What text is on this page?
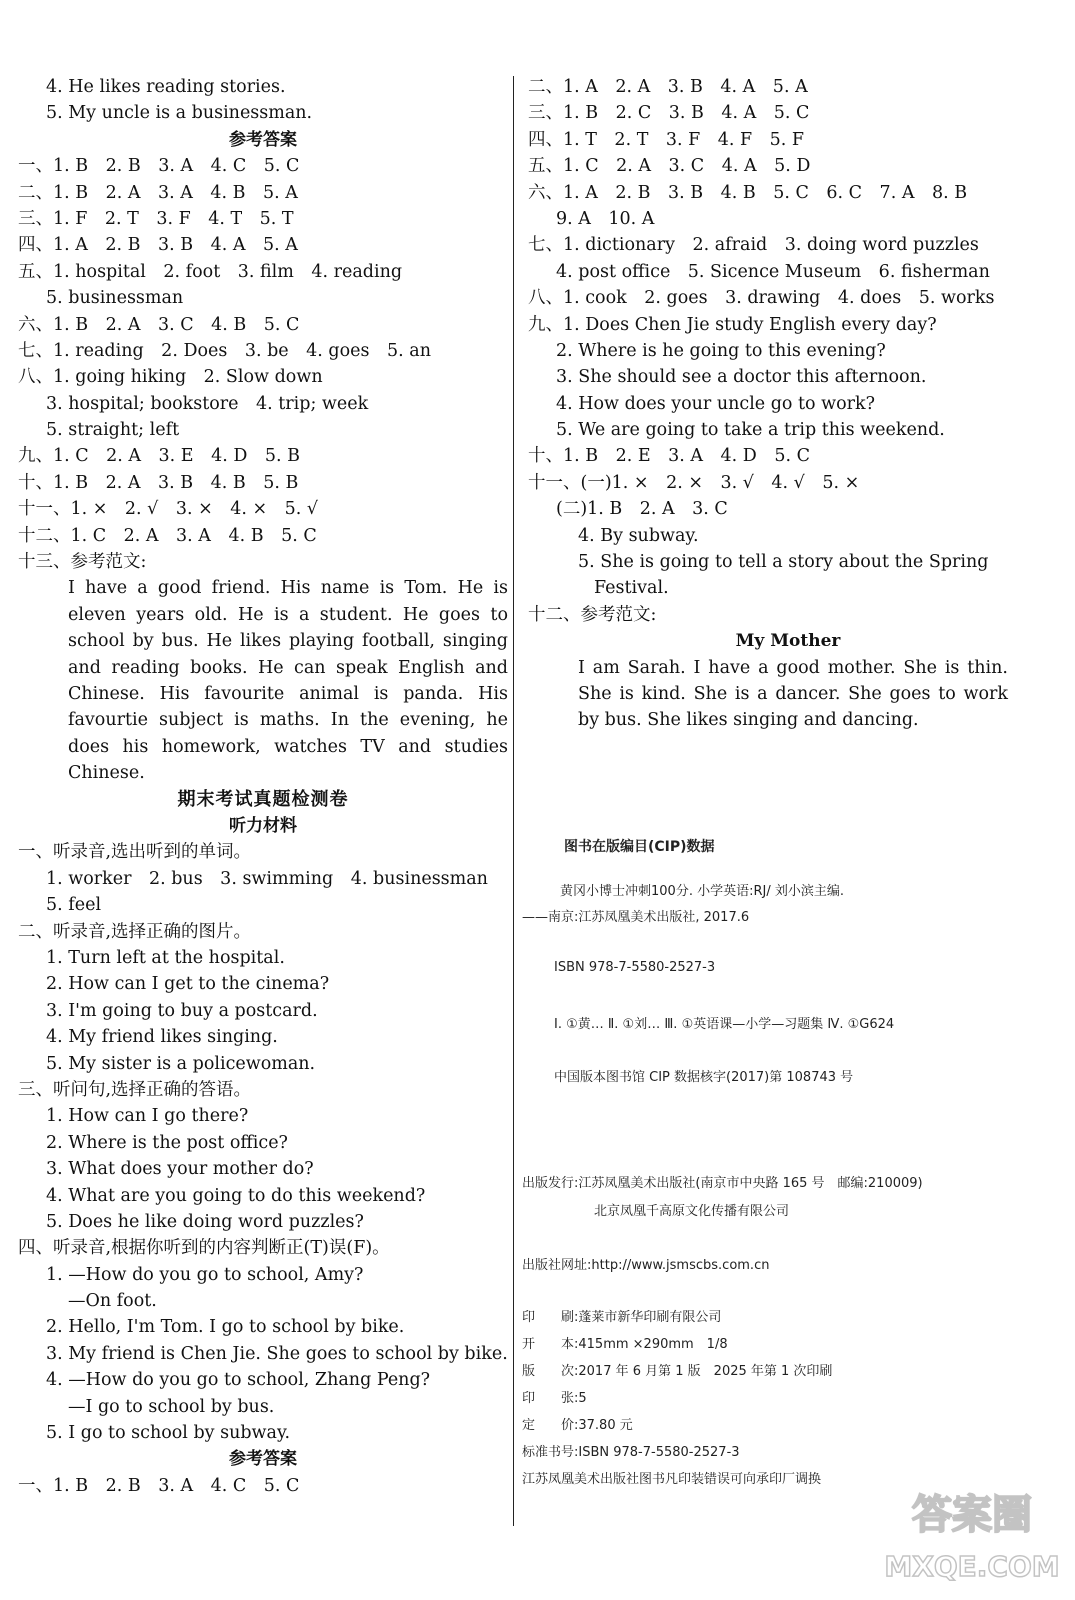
4. He likes reading stories.
5. My uncle is a businessman.
参考答案
一、1. B　2. B　3. A　4. C　5. C
二、1. B　2. A　3. A　4. B　5. A
三、1. F　2. T　3. F　4. T　5. T
四、1. A　2. B　3. B　4. A　5. A
五、1. hospital　2. foot　3. film　4. reading
5. businessman
六、1. B　2. A　3. C　4. B　5. C
七、1. reading　2. Does　3. be　4. goes　5. an
八、1. going hiking　2. Slow down
3. hospital; bookstore　4. trip; week
5. straight; left
九、1. C　2. A　3. E　4. D　5. B
十、1. B　2. A　3. B　4. B　5. B
十一、1. ×　2. √　3. ×　4. ×　5. √
十二、1. C　2. A　3. A　4. B　5. C
十三、参考范文:
I have a good friend. His name is Tom. He is eleven years old. He is a student. He goes to school by bus. He likes playing football, singing and reading books. He can speak English and Chinese. His favourite animal is panda. His favourtie subject is maths. In the evening, he does his homework, watches TV and studies Chinese.
期末考试真题检测卷
听力材料
一、听录音,选出听到的单词。
1. worker　2. bus　3. swimming　4. businessman
5. feel
二、听录音,选择正确的图片。
1. Turn left at the hospital.
2. How can I get to the cinema?
3. I'm going to buy a postcard.
4. My friend likes singing.
5. My sister is a policewoman.
三、听问句,选择正确的答语。
1. How can I go there?
2. Where is the post office?
3. What does your mother do?
4. What are you going to do this weekend?
5. Does he like doing word puzzles?
四、听录音,根据你听到的内容判断正(T)误(F)。
1. —How do you go to school, Amy?
—On foot.
2. Hello, I'm Tom. I go to school by bike.
3. My friend is Chen Jie. She goes to school by bike.
4. —How do you go to school, Zhang Peng?
—I go to school by bus.
5. I go to school by subway.
参考答案
一、1. B　2. B　3. A　4. C　5. C
二、1. A　2. A　3. B　4. A　5. A
三、1. B　2. C　3. B　4. A　5. C
四、1. T　2. T　3. F　4. F　5. F
五、1. C　2. A　3. C　4. A　5. D
六、1. A　2. B　3. B　4. B　5. C　6. C　7. A　8. B
9. A　10. A
七、1. dictionary　2. afraid　3. doing word puzzles
4. post office　5. Sicence Museum　6. fisherman
八、1. cook　2. goes　3. drawing　4. does　5. works
九、1. Does Chen Jie study English every day?
2. Where is he going to this evening?
3. She should see a doctor this afternoon.
4. How does your uncle go to work?
5. We are going to take a trip this weekend.
十、1. B　2. E　3. A　4. D　5. C
十一、(一)1. ×　2. ×　3. √　4. √　5. ×
(二)1. B　2. A　3. C
4. By subway.
5. She is going to tell a story about the Spring
Festival.
十二、参考范文:
My Mother
I am Sarah. I have a good mother. She is thin. She is kind. She is a dancer. She goes to work by bus. She likes singing and dancing.
图书在版编目(CIP)数据
黄冈小博士冲刺100分. 小学英语:RJ/ 刘小滨主编.
——南京:江苏凤凰美术出版社, 2017.6
ISBN 978-7-5580-2527-3
Ⅰ. ①黄… Ⅱ. ①刘… Ⅲ. ①英语课—小学—习题集 Ⅳ. ①G624
中国版本图书馆 CIP 数据核字(2017)第 108743 号
出版发行:江苏凤凰美术出版社(南京市中央路 165 号　邮编:210009)
北京凤凰千高原文化传播有限公司
出版社网址:http://www.jsmscbs.com.cn
印　　刷:蓬莱市新华印刷有限公司
开　　本:415mm ×290mm　1/8
版　　次:2017 年 6 月第 1 版　2025 年第 1 次印刷
印　　张:5
定　　价:37.80 元
标准书号:ISBN 978-7-5580-2527-3
江苏凤凰美术出版社图书凡印装错误可向承印厂调换
答案圈
MXQE.COM
